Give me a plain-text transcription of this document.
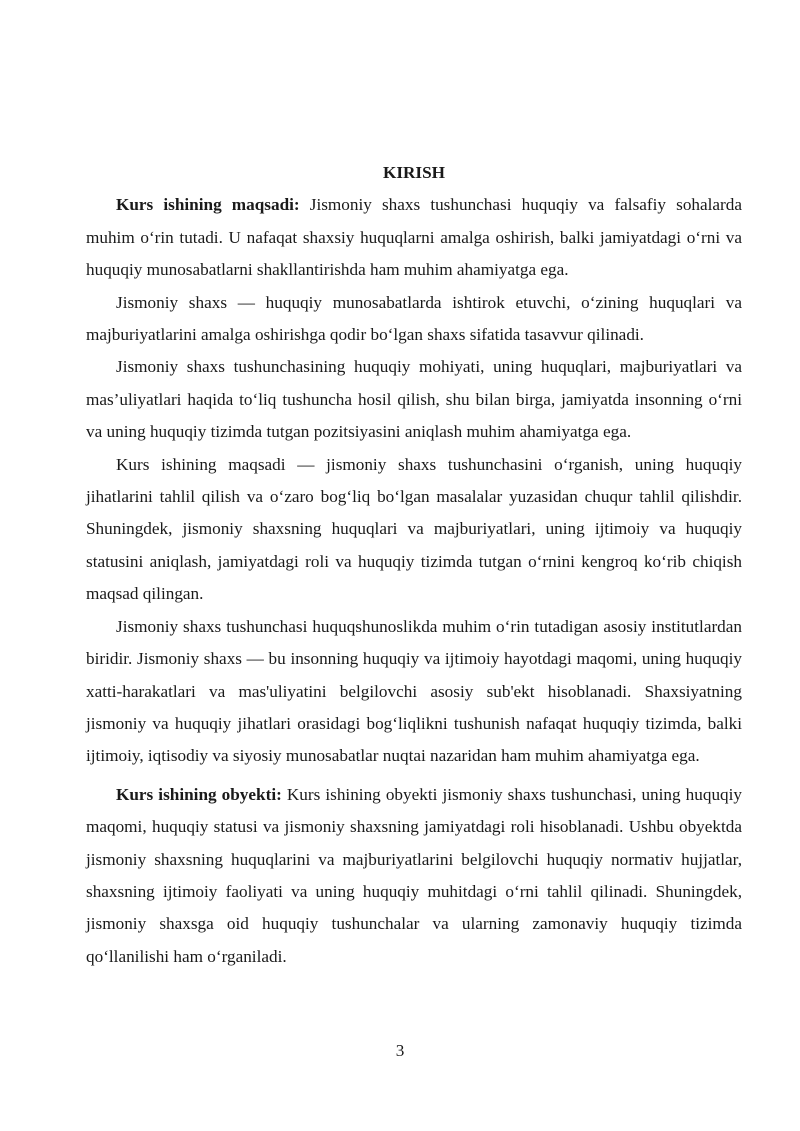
KIRISH

Kurs ishining maqsadi: Jismoniy shaxs tushunchasi huquqiy va falsafiy sohalarda muhim o‘rin tutadi. U nafaqat shaxsiy huquqlarni amalga oshirish, balki jamiyatdagi o‘rni va huquqiy munosabatlarni shakllantirishda ham muhim ahamiyatga ega.

Jismoniy shaxs — huquqiy munosabatlarda ishtirok etuvchi, o‘zining huquqlari va majburiyatlarini amalga oshirishga qodir bo‘lgan shaxs sifatida tasavvur qilinadi.

Jismoniy shaxs tushunchasining huquqiy mohiyati, uning huquqlari, majburiyatlari va mas’uliyatlari haqida to‘liq tushuncha hosil qilish, shu bilan birga, jamiyatda insonning o‘rni va uning huquqiy tizimda tutgan pozitsiyasini aniqlash muhim ahamiyatga ega.

Kurs ishining maqsadi — jismoniy shaxs tushunchasini o‘rganish, uning huquqiy jihatlarini tahlil qilish va o‘zaro bog‘liq bo‘lgan masalalar yuzasidan chuqur tahlil qilishdir. Shuningdek, jismoniy shaxsning huquqlari va majburiyatlari, uning ijtimoiy va huquqiy statusini aniqlash, jamiyatdagi roli va huquqiy tizimda tutgan o‘rnini kengroq ko‘rib chiqish maqsad qilingan.

Jismoniy shaxs tushunchasi huquqshunoslikda muhim o‘rin tutadigan asosiy institutlardan biridir. Jismoniy shaxs — bu insonning huquqiy va ijtimoiy hayotdagi maqomi, uning huquqiy xatti-harakatlari va mas'uliyatini belgilovchi asosiy sub'ekt hisoblanadi. Shaxsiyatning jismoniy va huquqiy jihatlari orasidagi bog‘liqlikni tushunish nafaqat huquqiy tizimda, balki ijtimoiy, iqtisodiy va siyosiy munosabatlar nuqtai nazaridan ham muhim ahamiyatga ega.

Kurs ishining obyekti: Kurs ishining obyekti jismoniy shaxs tushunchasi, uning huquqiy maqomi, huquqiy statusi va jismoniy shaxsning jamiyatdagi roli hisoblanadi. Ushbu obyektda jismoniy shaxsning huquqlarini va majburiyatlarini belgilovchi huquqiy normativ hujjatlar, shaxsning ijtimoiy faoliyati va uning huquqiy muhitdagi o‘rni tahlil qilinadi. Shuningdek, jismoniy shaxsga oid huquqiy tushunchalar va ularning zamonaviy huquqiy tizimda qo‘llanilishi ham o‘rganiladi.

3
